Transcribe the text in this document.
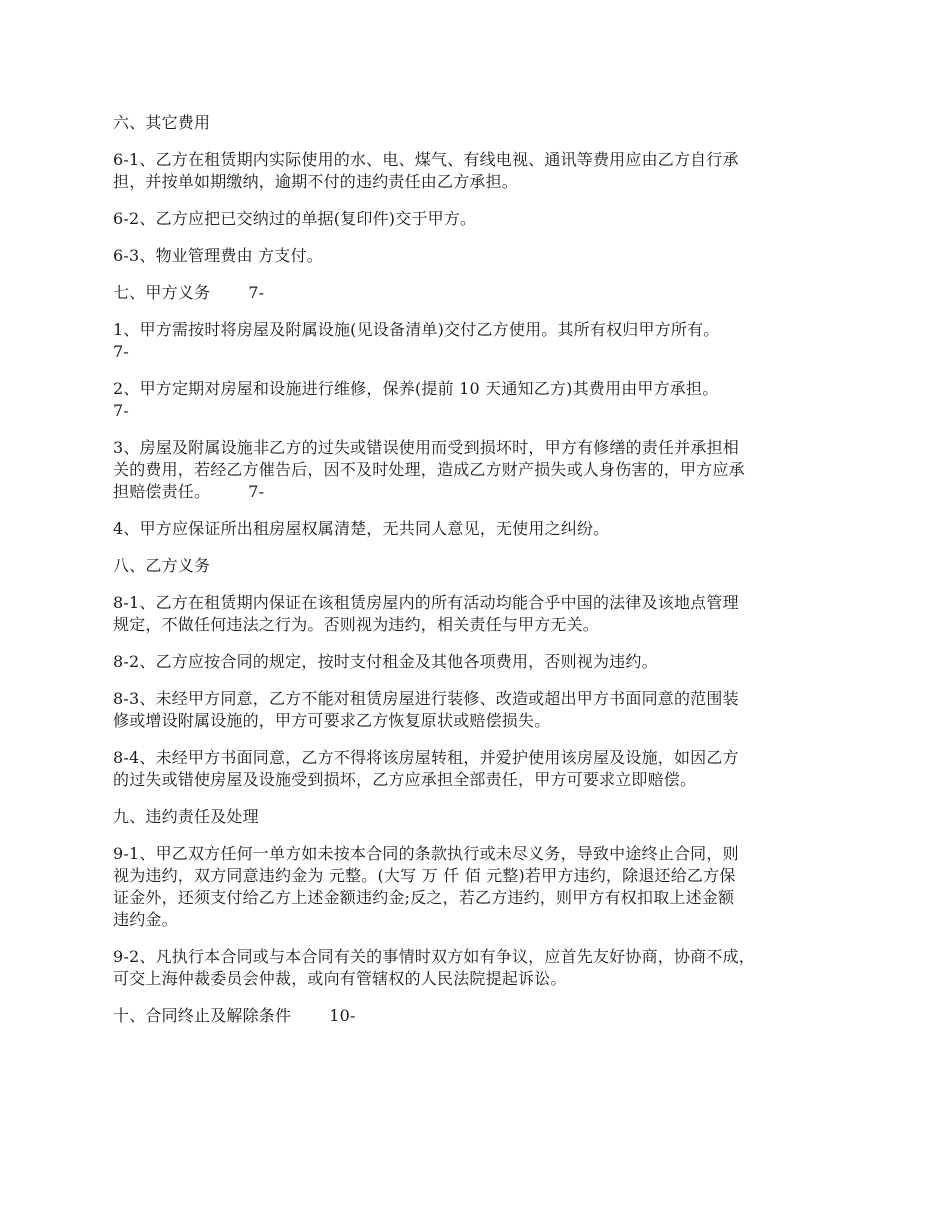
六、其它费用

6-1、乙方在租赁期内实际使用的水、电、煤气、有线电视、通讯等费用应由乙方自行承
担，并按单如期缴纳，逾期不付的违约责任由乙方承担。

6-2、乙方应把已交纳过的单据(复印件)交于甲方。

6-3、物业管理费由 方支付。

七、甲方义务 7-

1、甲方需按时将房屋及附属设施(见设备清单)交付乙方使用。其所有权归甲方所有。
7-

2、甲方定期对房屋和设施进行维修，保养(提前 10 天通知乙方)其费用由甲方承担。
7-

3、房屋及附属设施非乙方的过失或错误使用而受到损坏时，甲方有修缮的责任并承担相
关的费用，若经乙方催告后，因不及时处理，造成乙方财产损失或人身伤害的，甲方应承
担赔偿责任。 7-

4、甲方应保证所出租房屋权属清楚，无共同人意见，无使用之纠纷。

八、乙方义务

8-1、乙方在租赁期内保证在该租赁房屋内的所有活动均能合乎中国的法律及该地点管理
规定，不做任何违法之行为。否则视为违约，相关责任与甲方无关。

8-2、乙方应按合同的规定，按时支付租金及其他各项费用，否则视为违约。

8-3、未经甲方同意，乙方不能对租赁房屋进行装修、改造或超出甲方书面同意的范围装
修或增设附属设施的，甲方可要求乙方恢复原状或赔偿损失。

8-4、未经甲方书面同意，乙方不得将该房屋转租，并爱护使用该房屋及设施，如因乙方
的过失或错使房屋及设施受到损坏，乙方应承担全部责任，甲方可要求立即赔偿。

九、违约责任及处理

9-1、甲乙双方任何一单方如未按本合同的条款执行或未尽义务，导致中途终止合同，则
视为违约，双方同意违约金为 元整。(大写 万 仟 佰 元整)若甲方违约，除退还给乙方保
证金外，还须支付给乙方上述金额违约金;反之，若乙方违约，则甲方有权扣取上述金额
违约金。

9-2、凡执行本合同或与本合同有关的事情时双方如有争议，应首先友好协商，协商不成，
可交上海仲裁委员会仲裁，或向有管辖权的人民法院提起诉讼。

十、合同终止及解除条件 10-
